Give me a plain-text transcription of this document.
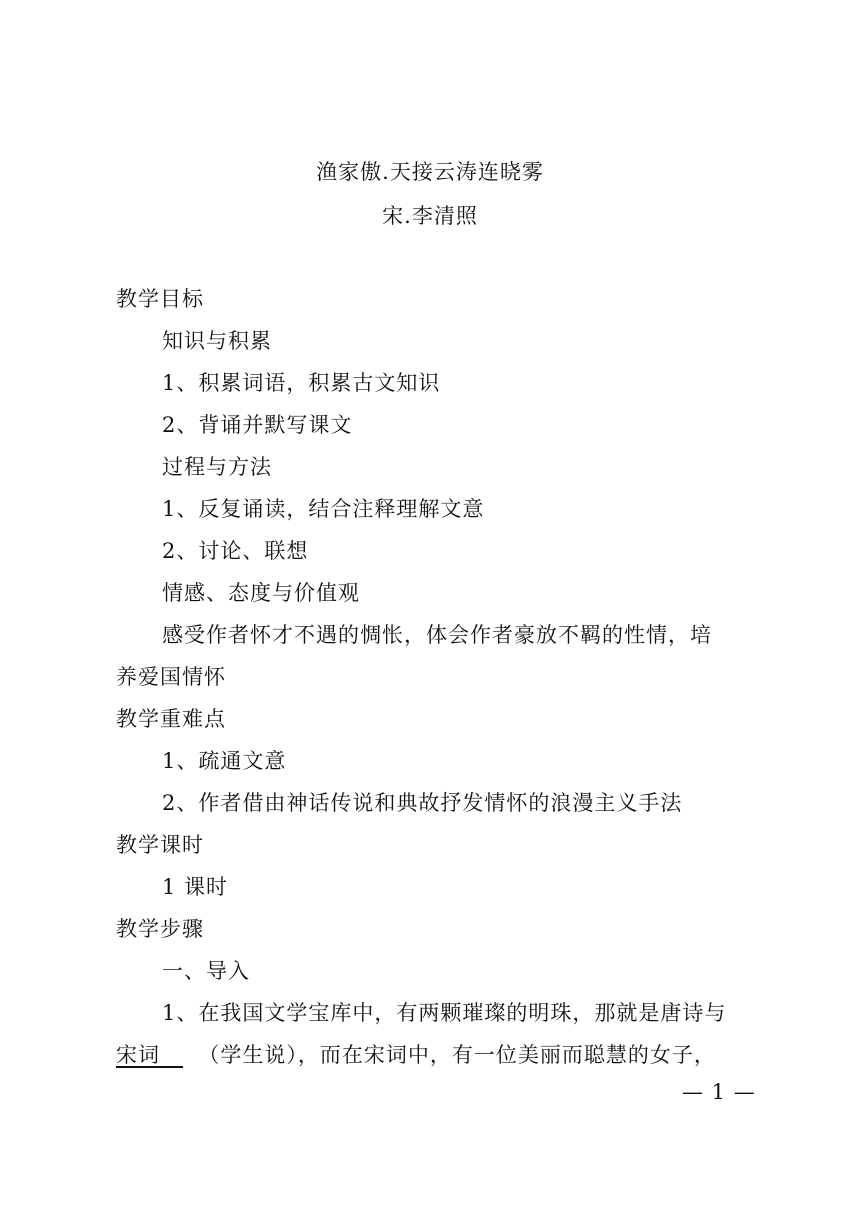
渔家傲.天接云涛连晓雾
宋.李清照
教学目标
知识与积累
1、积累词语，积累古文知识
2、背诵并默写课文
过程与方法
1、反复诵读，结合注释理解文意
2、讨论、联想
情感、态度与价值观
感受作者怀才不遇的惆怅，体会作者豪放不羁的性情，培
养爱国情怀
教学重难点
1、疏通文意
2、作者借由神话传说和典故抒发情怀的浪漫主义手法
教学课时
1 课时
教学步骤
一、导入
1、在我国文学宝库中，有两颗璀璨的明珠，那就是唐诗与
宋词 （学生说），而在宋词中，有一位美丽而聪慧的女子，
— 1 —
